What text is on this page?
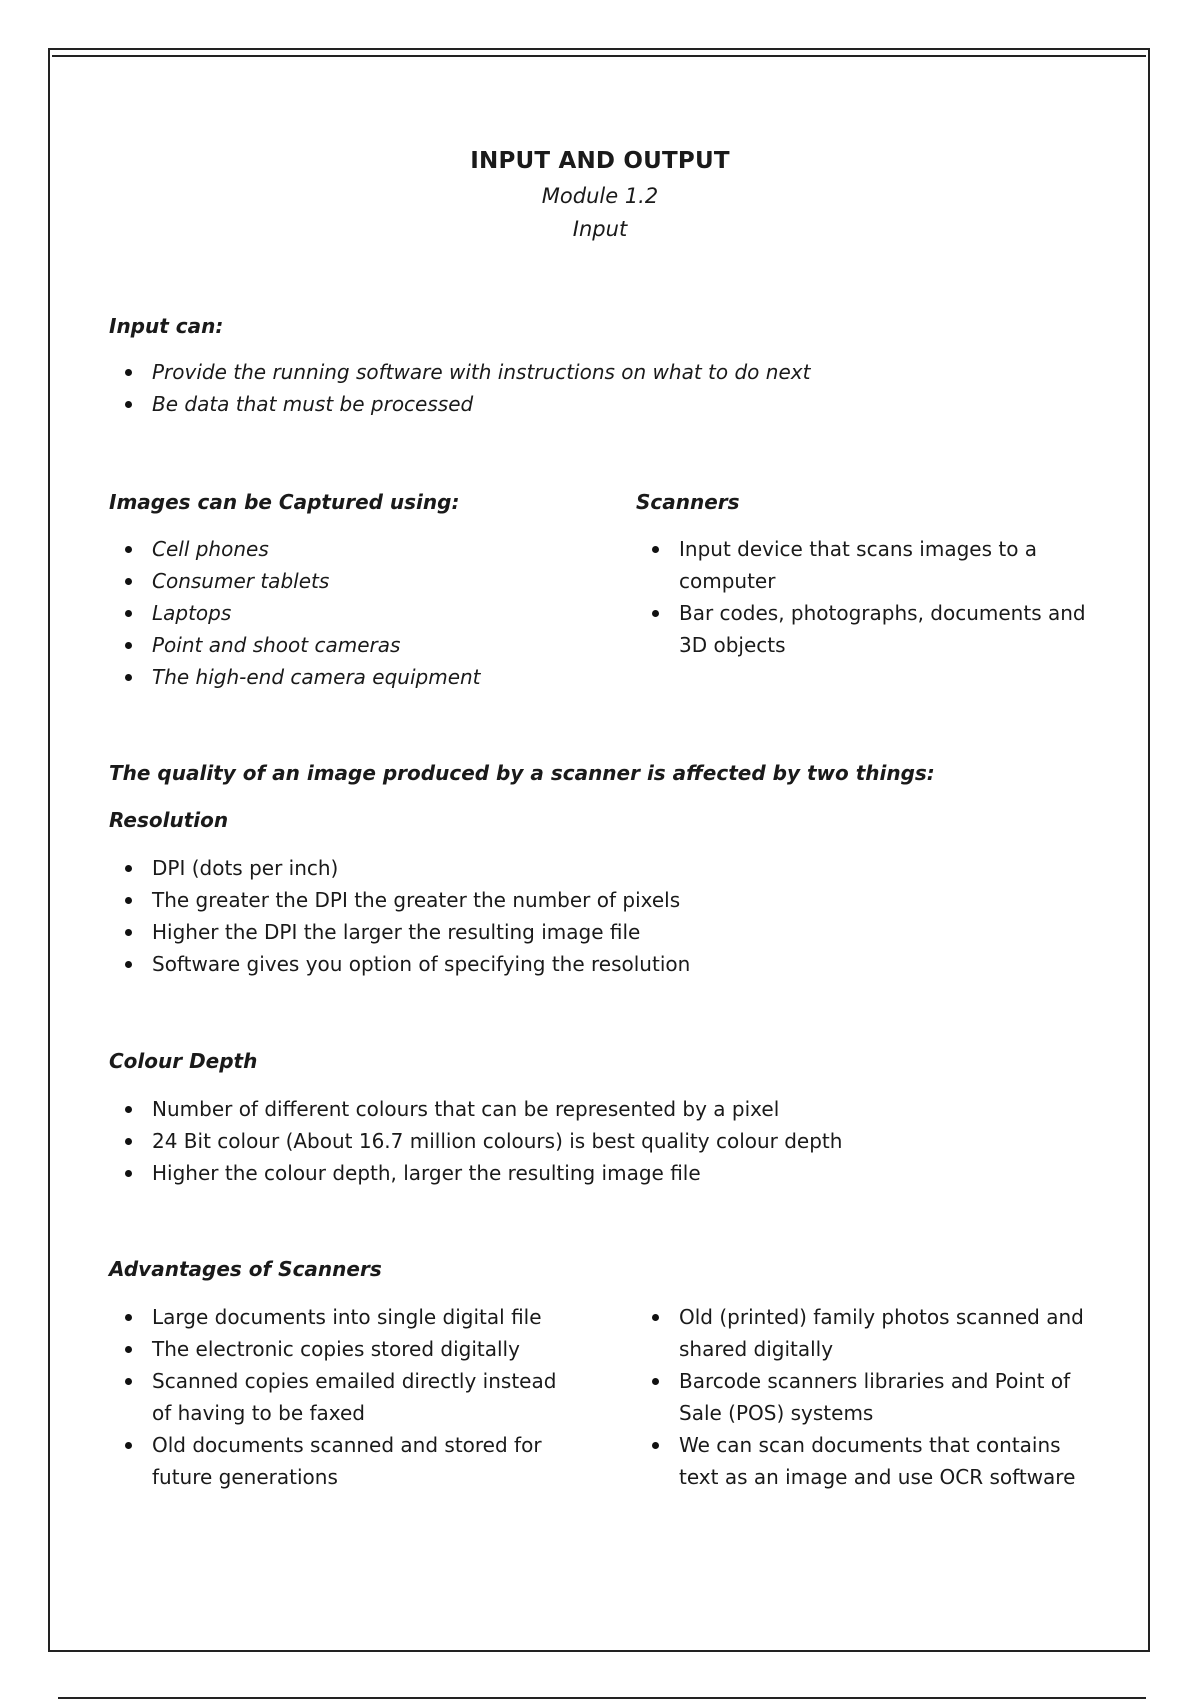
INPUT AND OUTPUT
Module 1.2
Input
Input can:
Provide the running software with instructions on what to do next
Be data that must be processed
Images can be Captured using:
Cell phones
Consumer tablets
Laptops
Point and shoot cameras
The high-end camera equipment
Scanners
Input device that scans images to a computer
Bar codes, photographs, documents and 3D objects
The quality of an image produced by a scanner is affected by two things:
Resolution
DPI (dots per inch)
The greater the DPI the greater the number of pixels
Higher the DPI the larger the resulting image file
Software gives you option of specifying the resolution
Colour Depth
Number of different colours that can be represented by a pixel
24 Bit colour (About 16.7 million colours) is best quality colour depth
Higher the colour depth, larger the resulting image file
Advantages of Scanners
Large documents into single digital file
The electronic copies stored digitally
Scanned copies emailed directly instead of having to be faxed
Old documents scanned and stored for future generations
Old (printed) family photos scanned and shared digitally
Barcode scanners libraries and Point of Sale (POS) systems
We can scan documents that contains text as an image and use OCR software
